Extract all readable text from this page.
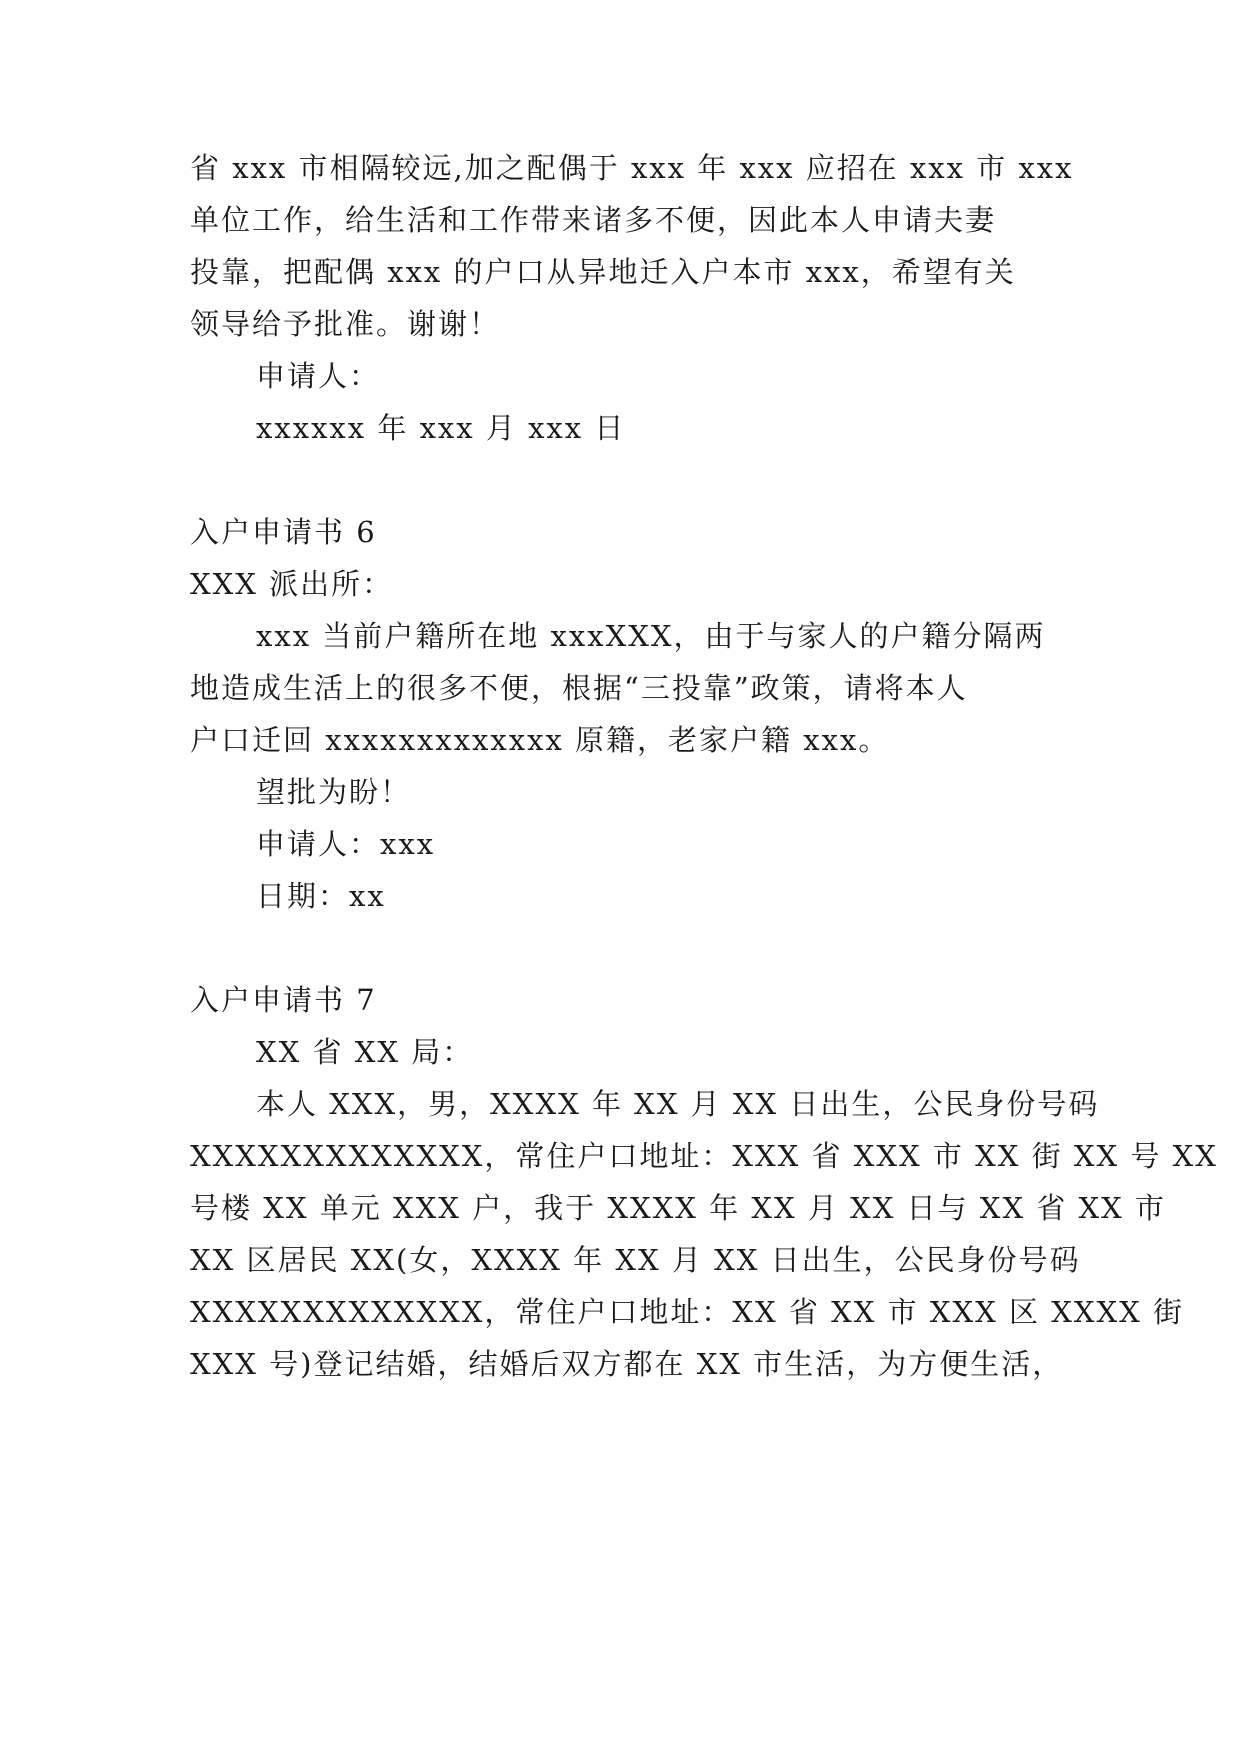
省 xxx 市相隔较远,加之配偶于 xxx 年 xxx 应招在 xxx 市 xxx
单位工作，给生活和工作带来诸多不便，因此本人申请夫妻
投靠，把配偶 xxx 的户口从异地迁入户本市 xxx，希望有关
领导给予批准。谢谢！
申请人：
xxxxxx 年 xxx 月 xxx 日
入户申请书 6
XXX 派出所：
xxx 当前户籍所在地 xxxXXX，由于与家人的户籍分隔两
地造成生活上的很多不便，根据“三投靠”政策，请将本人
户口迁回 xxxxxxxxxxxxx 原籍，老家户籍 xxx。
望批为盼！
申请人：xxx
日期：xx
入户申请书 7
XX 省 XX 局：
本人 XXX，男，XXXX 年 XX 月 XX 日出生，公民身份号码
XXXXXXXXXXXXX，常住户口地址：XXX 省 XXX 市 XX 街 XX 号 XX
号楼 XX 单元 XXX 户，我于 XXXX 年 XX 月 XX 日与 XX 省 XX 市
XX 区居民 XX(女，XXXX 年 XX 月 XX 日出生，公民身份号码
XXXXXXXXXXXXX，常住户口地址：XX 省 XX 市 XXX 区 XXXX 街
XXX 号)登记结婚，结婚后双方都在 XX 市生活，为方便生活，
